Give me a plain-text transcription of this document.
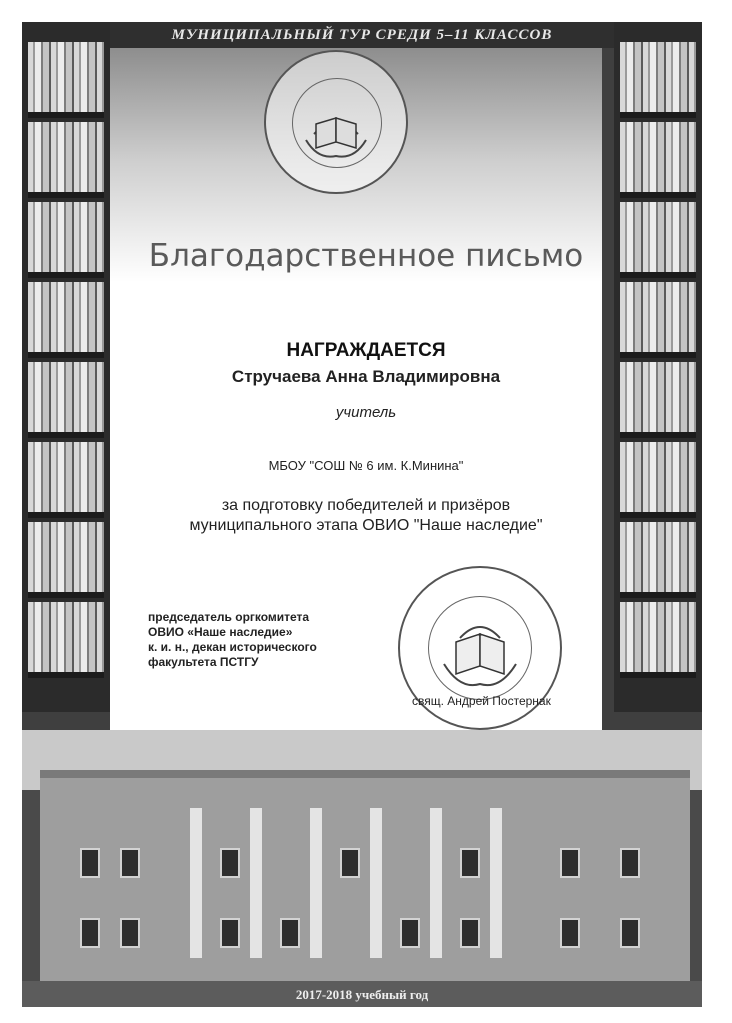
МУНИЦИПАЛЬНЫЙ ТУР СРЕДИ 5–11 КЛАССОВ
Благодарственное письмо
НАГРАЖДАЕТСЯ
Стручаева Анна Владимировна
учитель
МБОУ "СОШ № 6 им. К.Минина"
за подготовку победителей и призёров муниципального этапа ОВИО "Наше наследие"
председатель оргкомитета
ОВИО «Наше наследие»
к. и. н., декан исторического
факультета ПСТГУ
свящ. Андрей Постернак
2017-2018 учебный год
